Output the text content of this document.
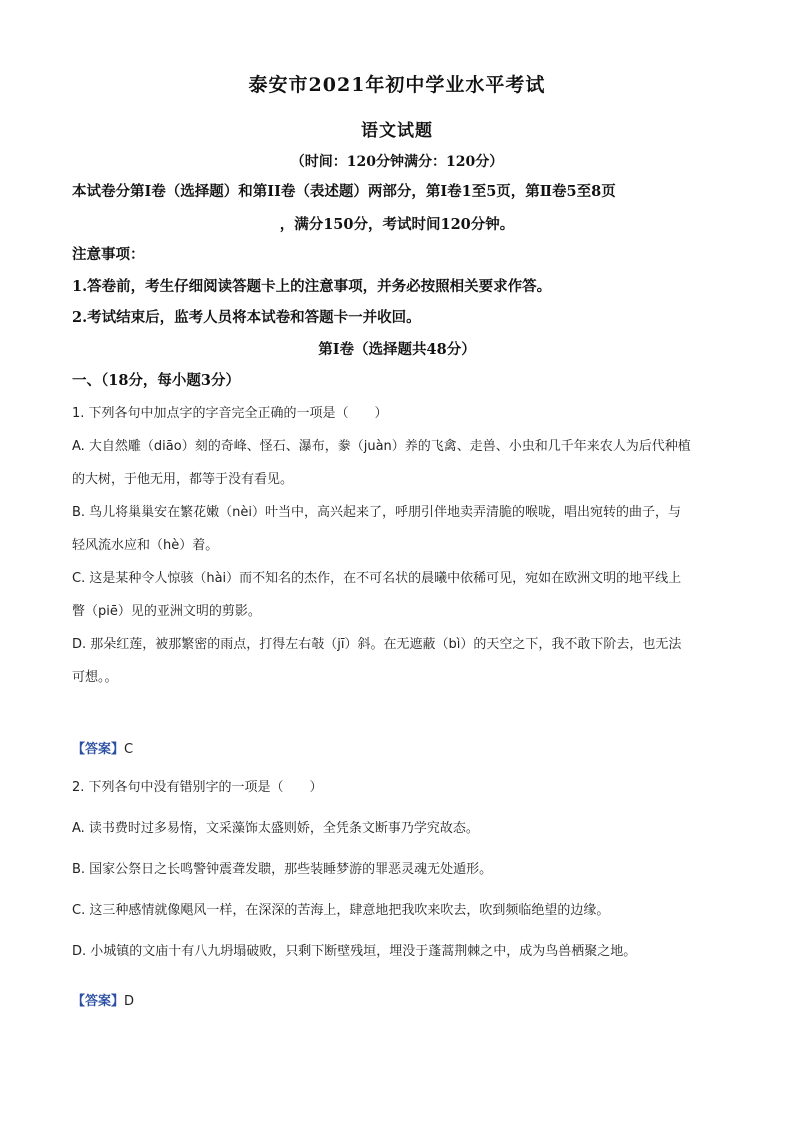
泰安市2021年初中学业水平考试
语文试题
（时间：120分钟满分：120分）
本试卷分第Ⅰ卷（选择题）和第II卷（表述题）两部分，第Ⅰ卷1至5页，第Ⅱ卷5至8页
，满分150分，考试时间120分钟。
注意事项：
1.答卷前，考生仔细阅读答题卡上的注意事项，并务必按照相关要求作答。
2.考试结束后，监考人员将本试卷和答题卡一并收回。
第Ⅰ卷（选择题共48分）
一、（18分，每小题3分）
1. 下列各句中加点字的字音完全正确的一项是（　　）
A. 大自然雕（diāo）刻的奇峰、怪石、瀑布，豢（juàn）养的飞禽、走兽、小虫和几千年来农人为后代种植
的大树，于他无用，都等于没有看见。
B. 鸟儿将巢巢安在繁花嫩（nèi）叶当中，高兴起来了，呼朋引伴地卖弄清脆的喉咙，唱出宛转的曲子，与
轻风流水应和（hè）着。
C. 这是某种令人惊骇（hài）而不知名的杰作，在不可名状的晨曦中依稀可见，宛如在欧洲文明的地平线上
瞥（piē）见的亚洲文明的剪影。
D. 那朵红莲，被那繁密的雨点，打得左右攲（jī）斜。在无遮蔽（bì）的天空之下，我不敢下阶去，也无法
可想。。
【答案】C
2. 下列各句中没有错别字的一项是（　　）
A. 读书费时过多易惰，文采藻饰太盛则娇，全凭条文断事乃学究故态。
B. 国家公祭日之长鸣警钟震聋发聩，那些装睡梦游的罪恶灵魂无处遁形。
C. 这三种感情就像飓风一样，在深深的苦海上，肆意地把我吹来吹去，吹到频临绝望的边缘。
D. 小城镇的文庙十有八九坍塌破败，只剩下断壁残垣，埋没于蓬蒿荆棘之中，成为鸟兽栖聚之地。
【答案】D
